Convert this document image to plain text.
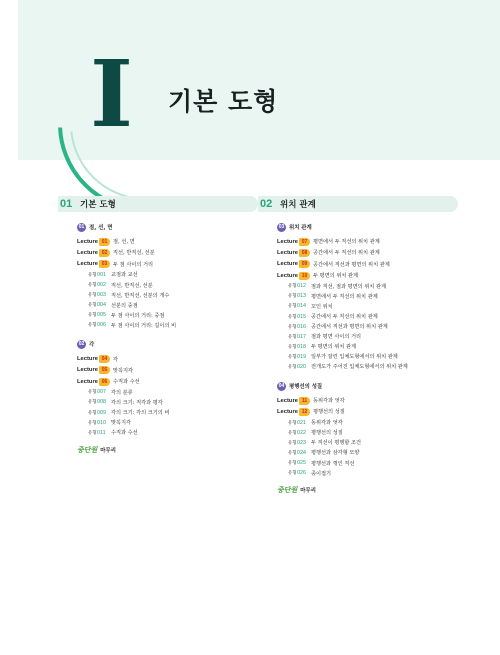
I 기본 도형
01 기본 도형
01 점, 선, 면
Lecture 01	점, 선, 면
Lecture 02	직선, 반직선, 선분
Lecture 03	두 점 사이의 거리
유형 001 교점과 교선
유형 002 직선, 반직선, 선분
유형 003 직선, 반직선, 선분의 개수
유형 004 선분의 중점
유형 005 두 점 사이의 거리: 중점
유형 006 두 점 사이의 거리: 길이의 비
02 각
Lecture 04	각
Lecture 05	맞꼭지각
Lecture 06	수직과 수선
유형 007 각의 분류
유형 008 각의 크기: 직각과 평각
유형 009 각의 크기: 각의 크기의 비
유형 010 맞꼭지각
유형 011	수직과 수선
중단원 마무리
02 위치 관계
03 위치 관계
Lecture 07	평면에서 두 직선의 위치 관계
Lecture 08	공간에서 두 직선의 위치 관계
Lecture 09	공간에서 직선과 평면의 위치 관계
Lecture 10	두 평면의 위치 관계
유형 012 점과 직선, 점과 평면의 위치 관계
유형 013 평면에서 두 직선의 위치 관계
유형 014 꼬인 위치
유형 015 공간에서 두 직선의 위치 관계
유형 016 공간에서 직선과 평면의 위치 관계
유형 017 점과 평면 사이의 거리
유형 018 두 평면의 위치 관계
유형 019 일부가 잘린 입체도형에서의 위치 관계
유형 020 전개도가 주어진 입체도형에서의 위치 관계
04 평행선의 성질
Lecture 11	동위각과 엇각
Lecture 12	평행선의 성질
유형 021 동위각과 엇각
유형 022 평행선의 성질
유형 023 두 직선이 평행할 조건
유형 024 평행선과 삼각형 모양
유형 025 평행선과 꺾인 직선
유형 026 종이접기
중단원 마무리
